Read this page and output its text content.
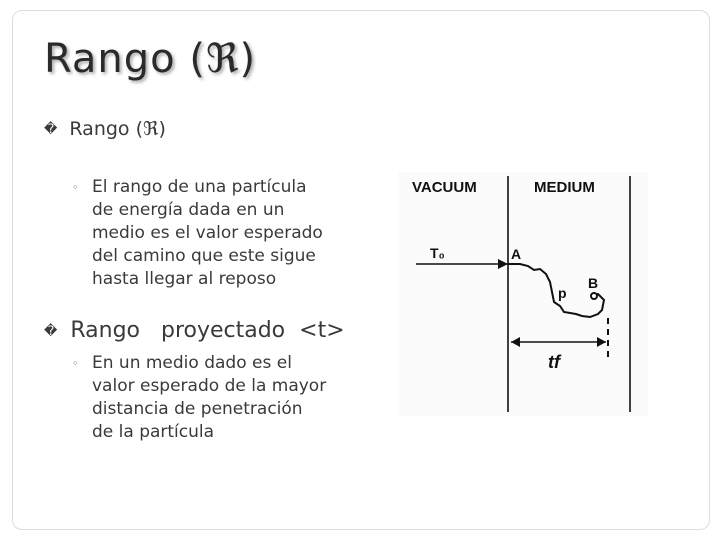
Rango (ℜ)
� Rango (ℜ)
◦ El rango de una partícula
de energía dada en un
medio es el valor esperado
del camino que este sigue
hasta llegar al reposo
� Rango   proyectado  <t>
◦ En un medio dado es el
valor esperado de la mayor
distancia de penetración
de la partícula
VACUUM	MEDIUM
T₀	A
B
p
tf
